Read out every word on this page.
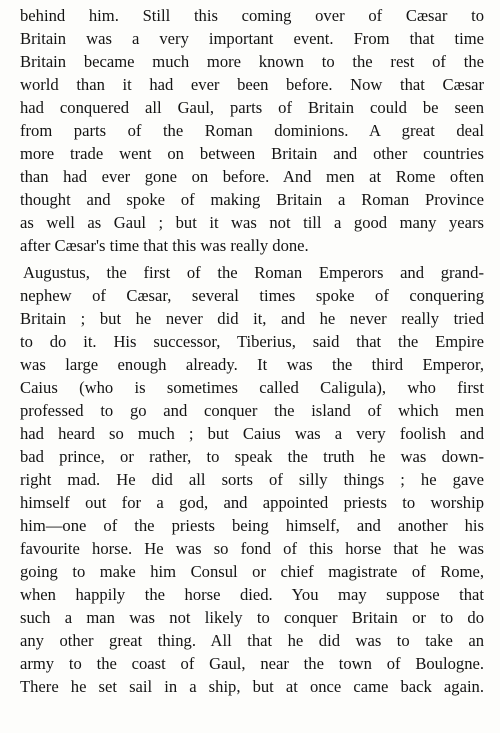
behind him. Still this coming over of Cæsar to
Britain was a very important event. From that time
Britain became much more known to the rest of the
world than it had ever been before. Now that Cæsar
had conquered all Gaul, parts of Britain could be seen
from parts of the Roman dominions. A great deal
more trade went on between Britain and other countries
than had ever gone on before. And men at Rome often
thought and spoke of making Britain a Roman Province
as well as Gaul ; but it was not till a good many years
after Cæsar's time that this was really done.
Augustus, the first of the Roman Emperors and grand-
nephew of Cæsar, several times spoke of conquering
Britain ; but he never did it, and he never really tried
to do it. His successor, Tiberius, said that the Empire
was large enough already. It was the third Emperor,
Caius (who is sometimes called Caligula), who first
professed to go and conquer the island of which men
had heard so much ; but Caius was a very foolish and
bad prince, or rather, to speak the truth he was down-
right mad. He did all sorts of silly things ; he gave
himself out for a god, and appointed priests to worship
him—one of the priests being himself, and another his
favourite horse. He was so fond of this horse that he was
going to make him Consul or chief magistrate of Rome,
when happily the horse died. You may suppose that
such a man was not likely to conquer Britain or to do
any other great thing. All that he did was to take an
army to the coast of Gaul, near the town of Boulogne.
There he set sail in a ship, but at once came back again.
